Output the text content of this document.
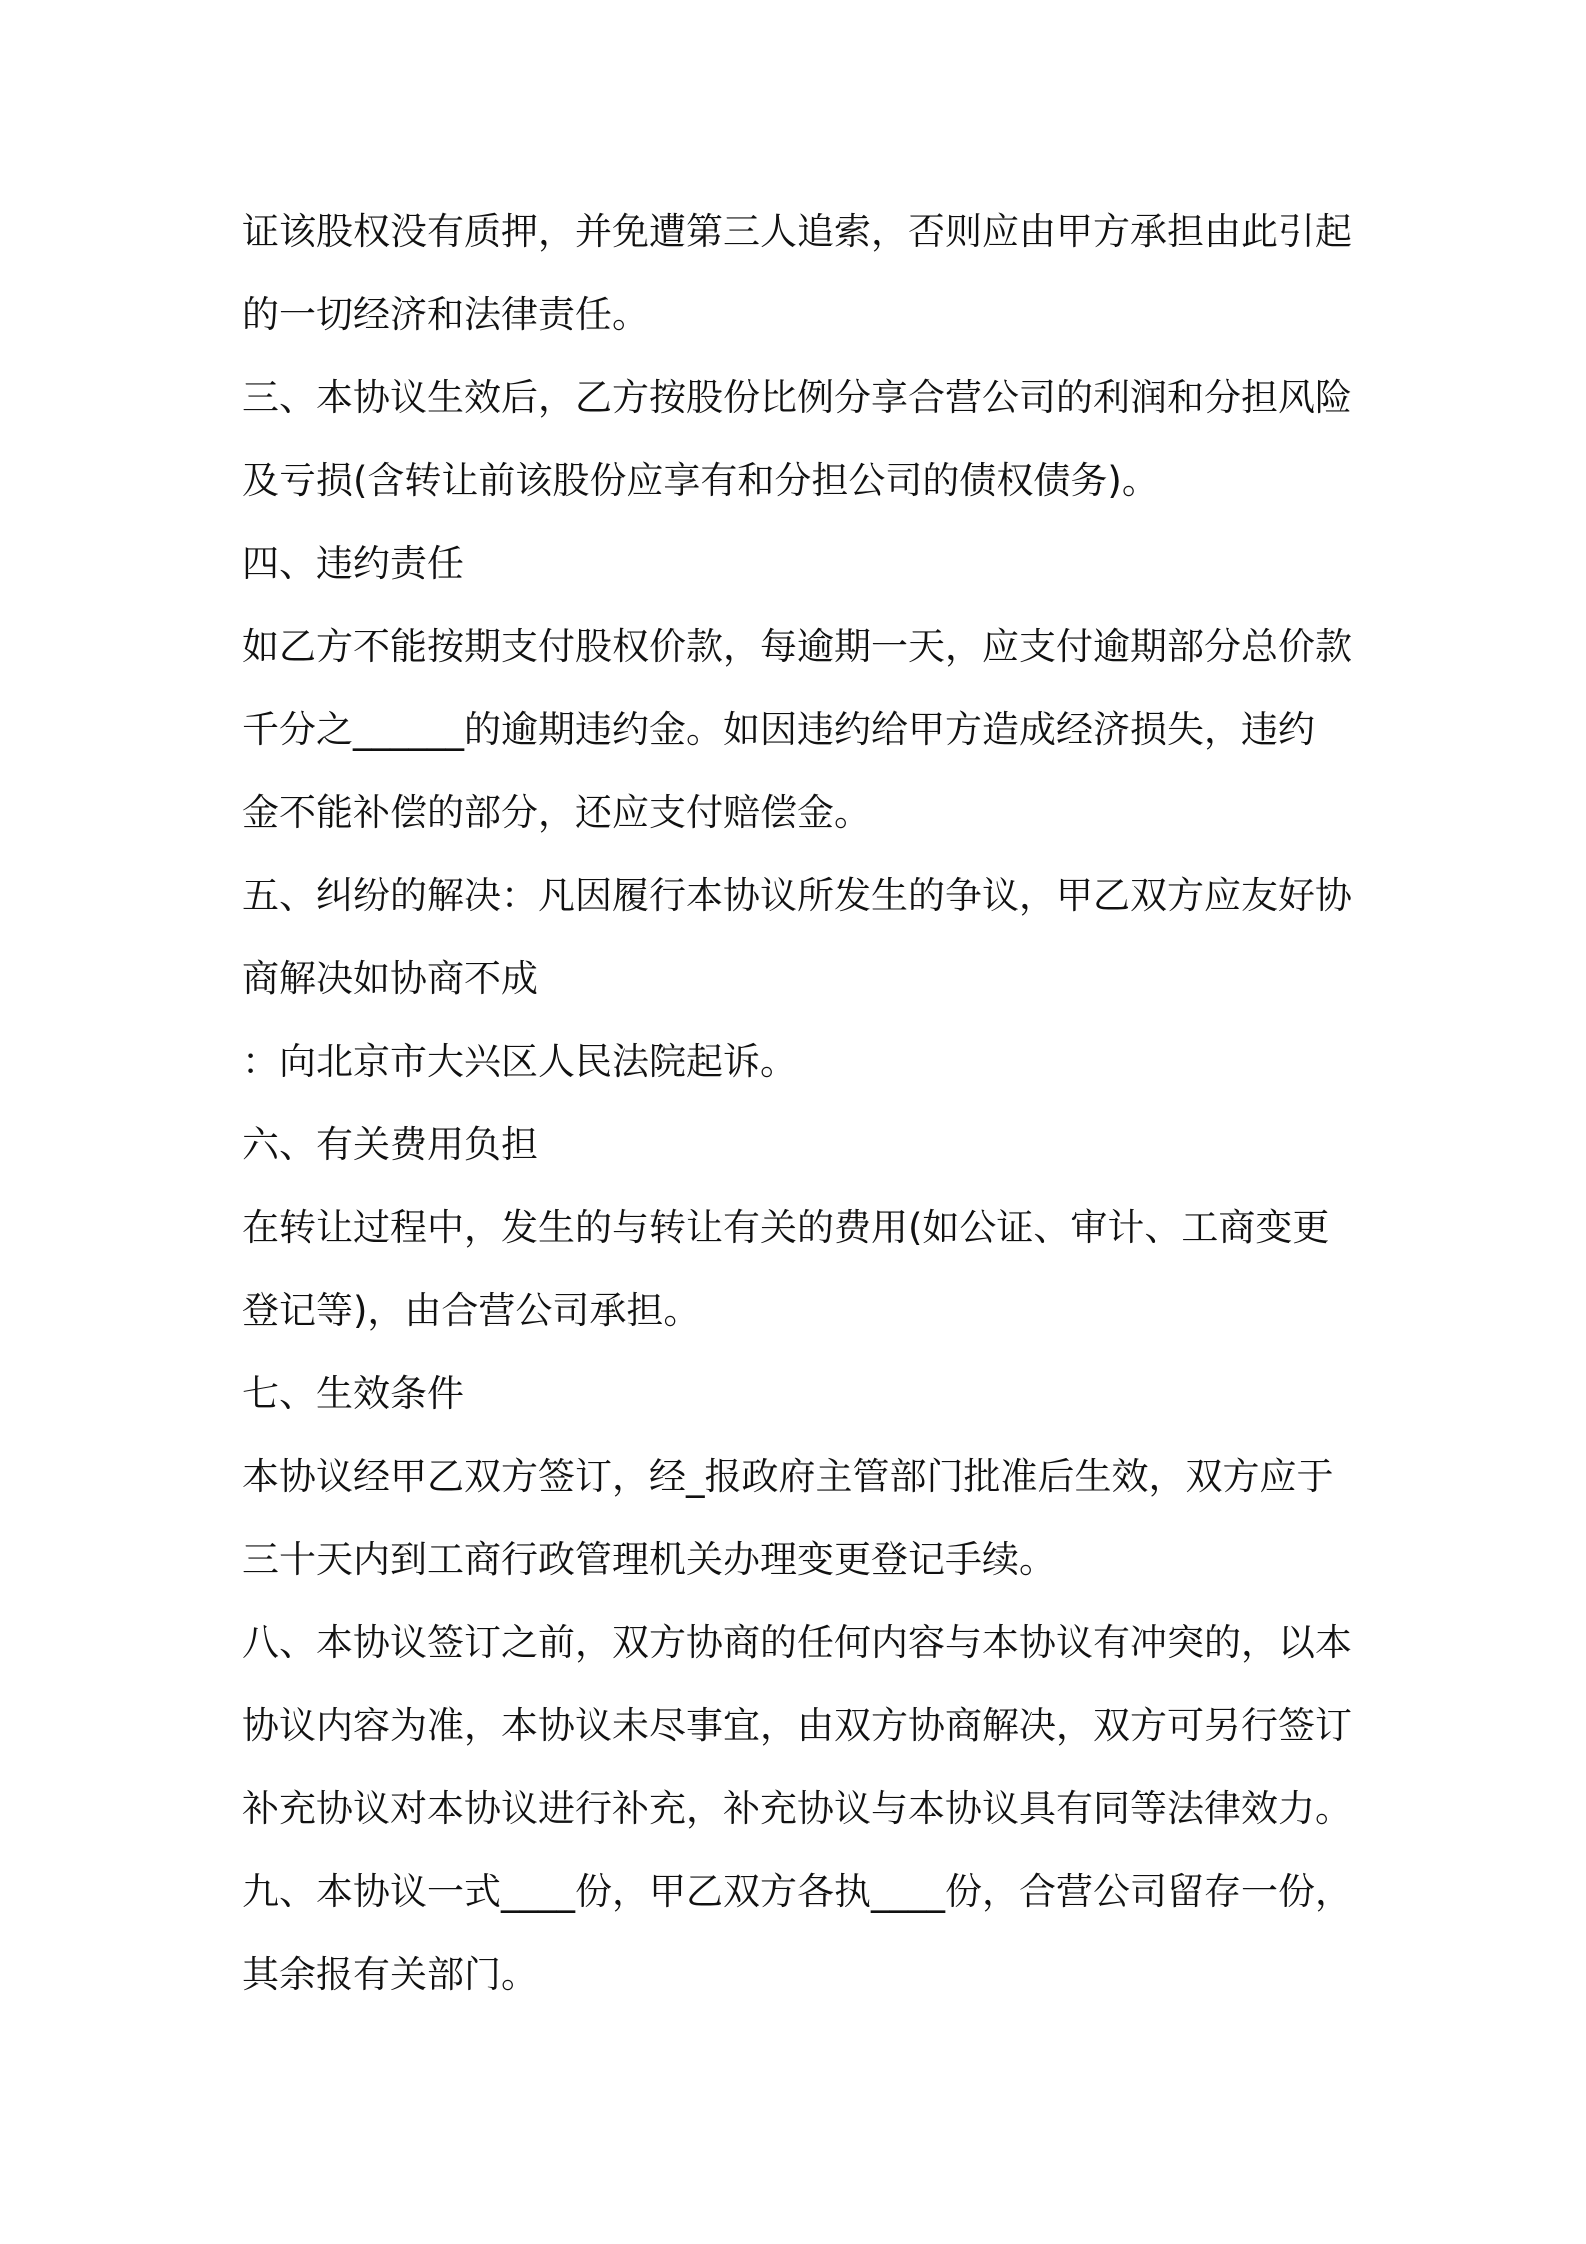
证该股权没有质押，并免遭第三人追索，否则应由甲方承担由此引起
的一切经济和法律责任。
三、本协议生效后，乙方按股份比例分享合营公司的利润和分担风险
及亏损(含转让前该股份应享有和分担公司的债权债务)。
四、违约责任
如乙方不能按期支付股权价款，每逾期一天，应支付逾期部分总价款
千分之______的逾期违约金。如因违约给甲方造成经济损失，违约
金不能补偿的部分，还应支付赔偿金。
五、纠纷的解决：凡因履行本协议所发生的争议，甲乙双方应友好协
商解决如协商不成
：向北京市大兴区人民法院起诉。
六、有关费用负担
在转让过程中，发生的与转让有关的费用(如公证、审计、工商变更
登记等)，由合营公司承担。
七、生效条件
本协议经甲乙双方签订，经_报政府主管部门批准后生效，双方应于
三十天内到工商行政管理机关办理变更登记手续。
八、本协议签订之前，双方协商的任何内容与本协议有冲突的，以本
协议内容为准，本协议未尽事宜，由双方协商解决，双方可另行签订
补充协议对本协议进行补充，补充协议与本协议具有同等法律效力。
九、本协议一式____份，甲乙双方各执____份，合营公司留存一份，
其余报有关部门。
